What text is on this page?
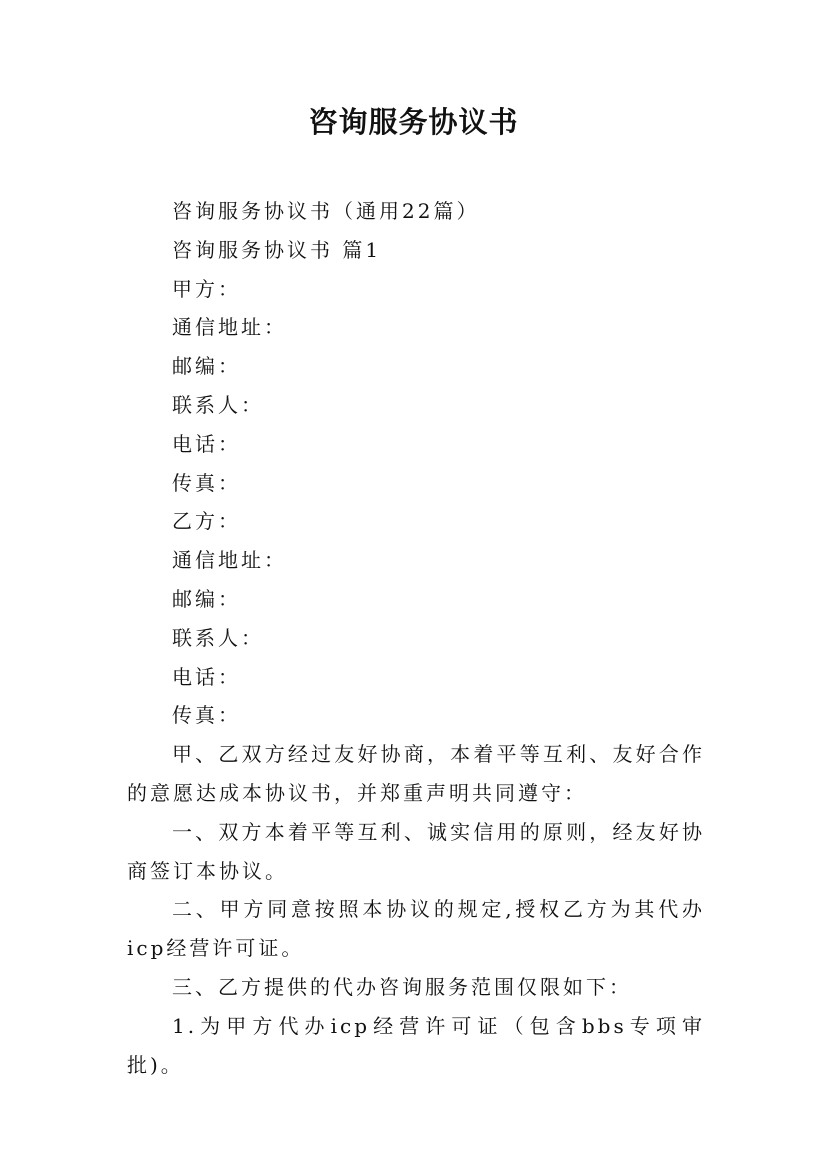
咨询服务协议书

咨询服务协议书（通用22篇）

咨询服务协议书 篇1

甲方：

通信地址：

邮编：

联系人：

电话：

传真：

乙方：

通信地址：

邮编：

联系人：

电话：

传真：

甲、乙双方经过友好协商，本着平等互利、友好合作的意愿达成本协议书，并郑重声明共同遵守：

一、双方本着平等互利、诚实信用的原则，经友好协商签订本协议。

二、甲方同意按照本协议的规定,授权乙方为其代办icp经营许可证。

三、乙方提供的代办咨询服务范围仅限如下：

1.为甲方代办icp经营许可证（包含bbs专项审批)。
